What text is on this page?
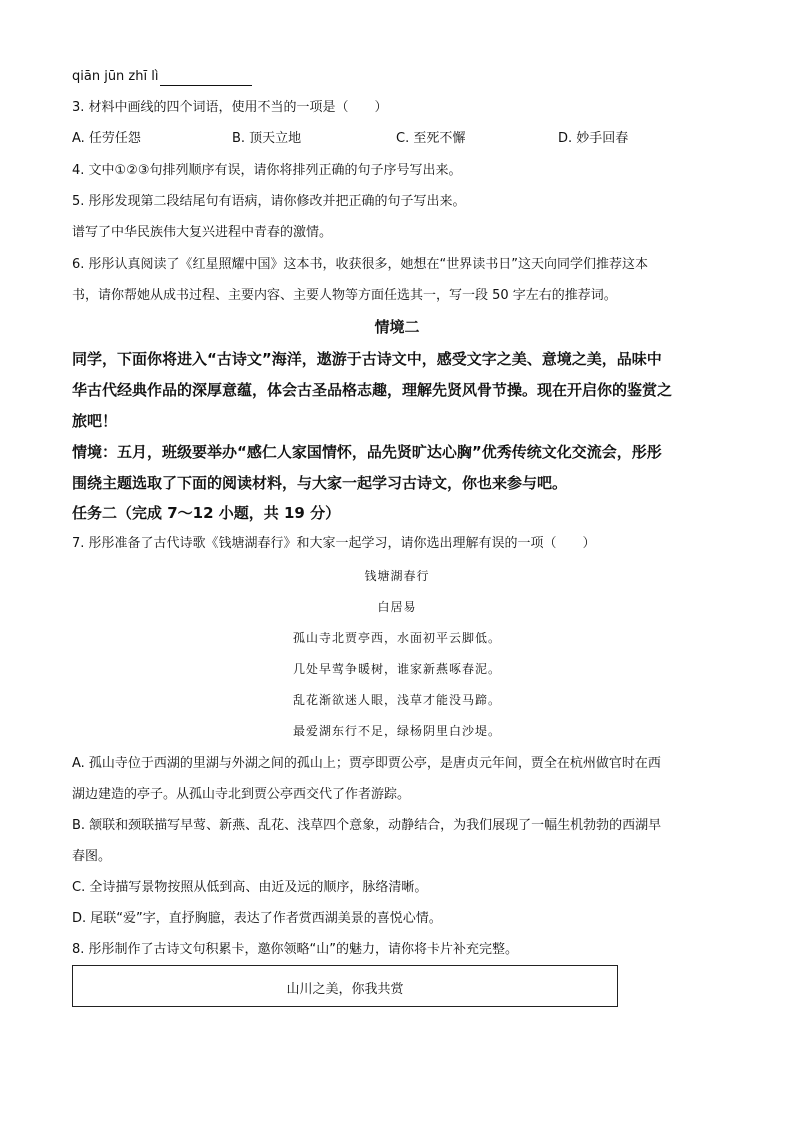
qiān jūn zhī lì
3. 材料中画线的四个词语，使用不当的一项是（　　）
A. 任劳任怨	B. 顶天立地	C. 至死不懈	D. 妙手回春
4. 文中①②③句排列顺序有误，请你将排列正确的句子序号写出来。
5. 彤彤发现第二段结尾句有语病，请你修改并把正确的句子写出来。
谱写了中华民族伟大复兴进程中青春的激情。
6. 彤彤认真阅读了《红星照耀中国》这本书，收获很多，她想在“世界读书日”这天向同学们推荐这本
书，请你帮她从成书过程、主要内容、主要人物等方面任选其一，写一段 50 字左右的推荐词。
情境二
同学，下面你将进入“古诗文”海洋，遨游于古诗文中，感受文字之美、意境之美，品味中
华古代经典作品的深厚意蕴，体会古圣品格志趣，理解先贤风骨节操。现在开启你的鉴赏之
旅吧！
情境：五月，班级要举办“感仁人家国情怀，品先贤旷达心胸”优秀传统文化交流会，彤彤
围绕主题选取了下面的阅读材料，与大家一起学习古诗文，你也来参与吧。
任务二（完成 7～12 小题，共 19 分）
7. 彤彤准备了古代诗歌《钱塘湖春行》和大家一起学习，请你选出理解有误的一项（　　）
钱塘湖春行
白居易
孤山寺北贾亭西，水面初平云脚低。
几处早莺争暖树，谁家新燕啄春泥。
乱花渐欲迷人眼，浅草才能没马蹄。
最爱湖东行不足，绿杨阴里白沙堤。
A. 孤山寺位于西湖的里湖与外湖之间的孤山上；贾亭即贾公亭，是唐贞元年间，贾全在杭州做官时在西
湖边建造的亭子。从孤山寺北到贾公亭西交代了作者游踪。
B. 颔联和颈联描写早莺、新燕、乱花、浅草四个意象，动静结合，为我们展现了一幅生机勃勃的西湖早
春图。
C. 全诗描写景物按照从低到高、由近及远的顺序，脉络清晰。
D. 尾联“爱”字，直抒胸臆，表达了作者赏西湖美景的喜悦心情。
8. 彤彤制作了古诗文句积累卡，邀你领略“山”的魅力，请你将卡片补充完整。
山川之美，你我共赏
